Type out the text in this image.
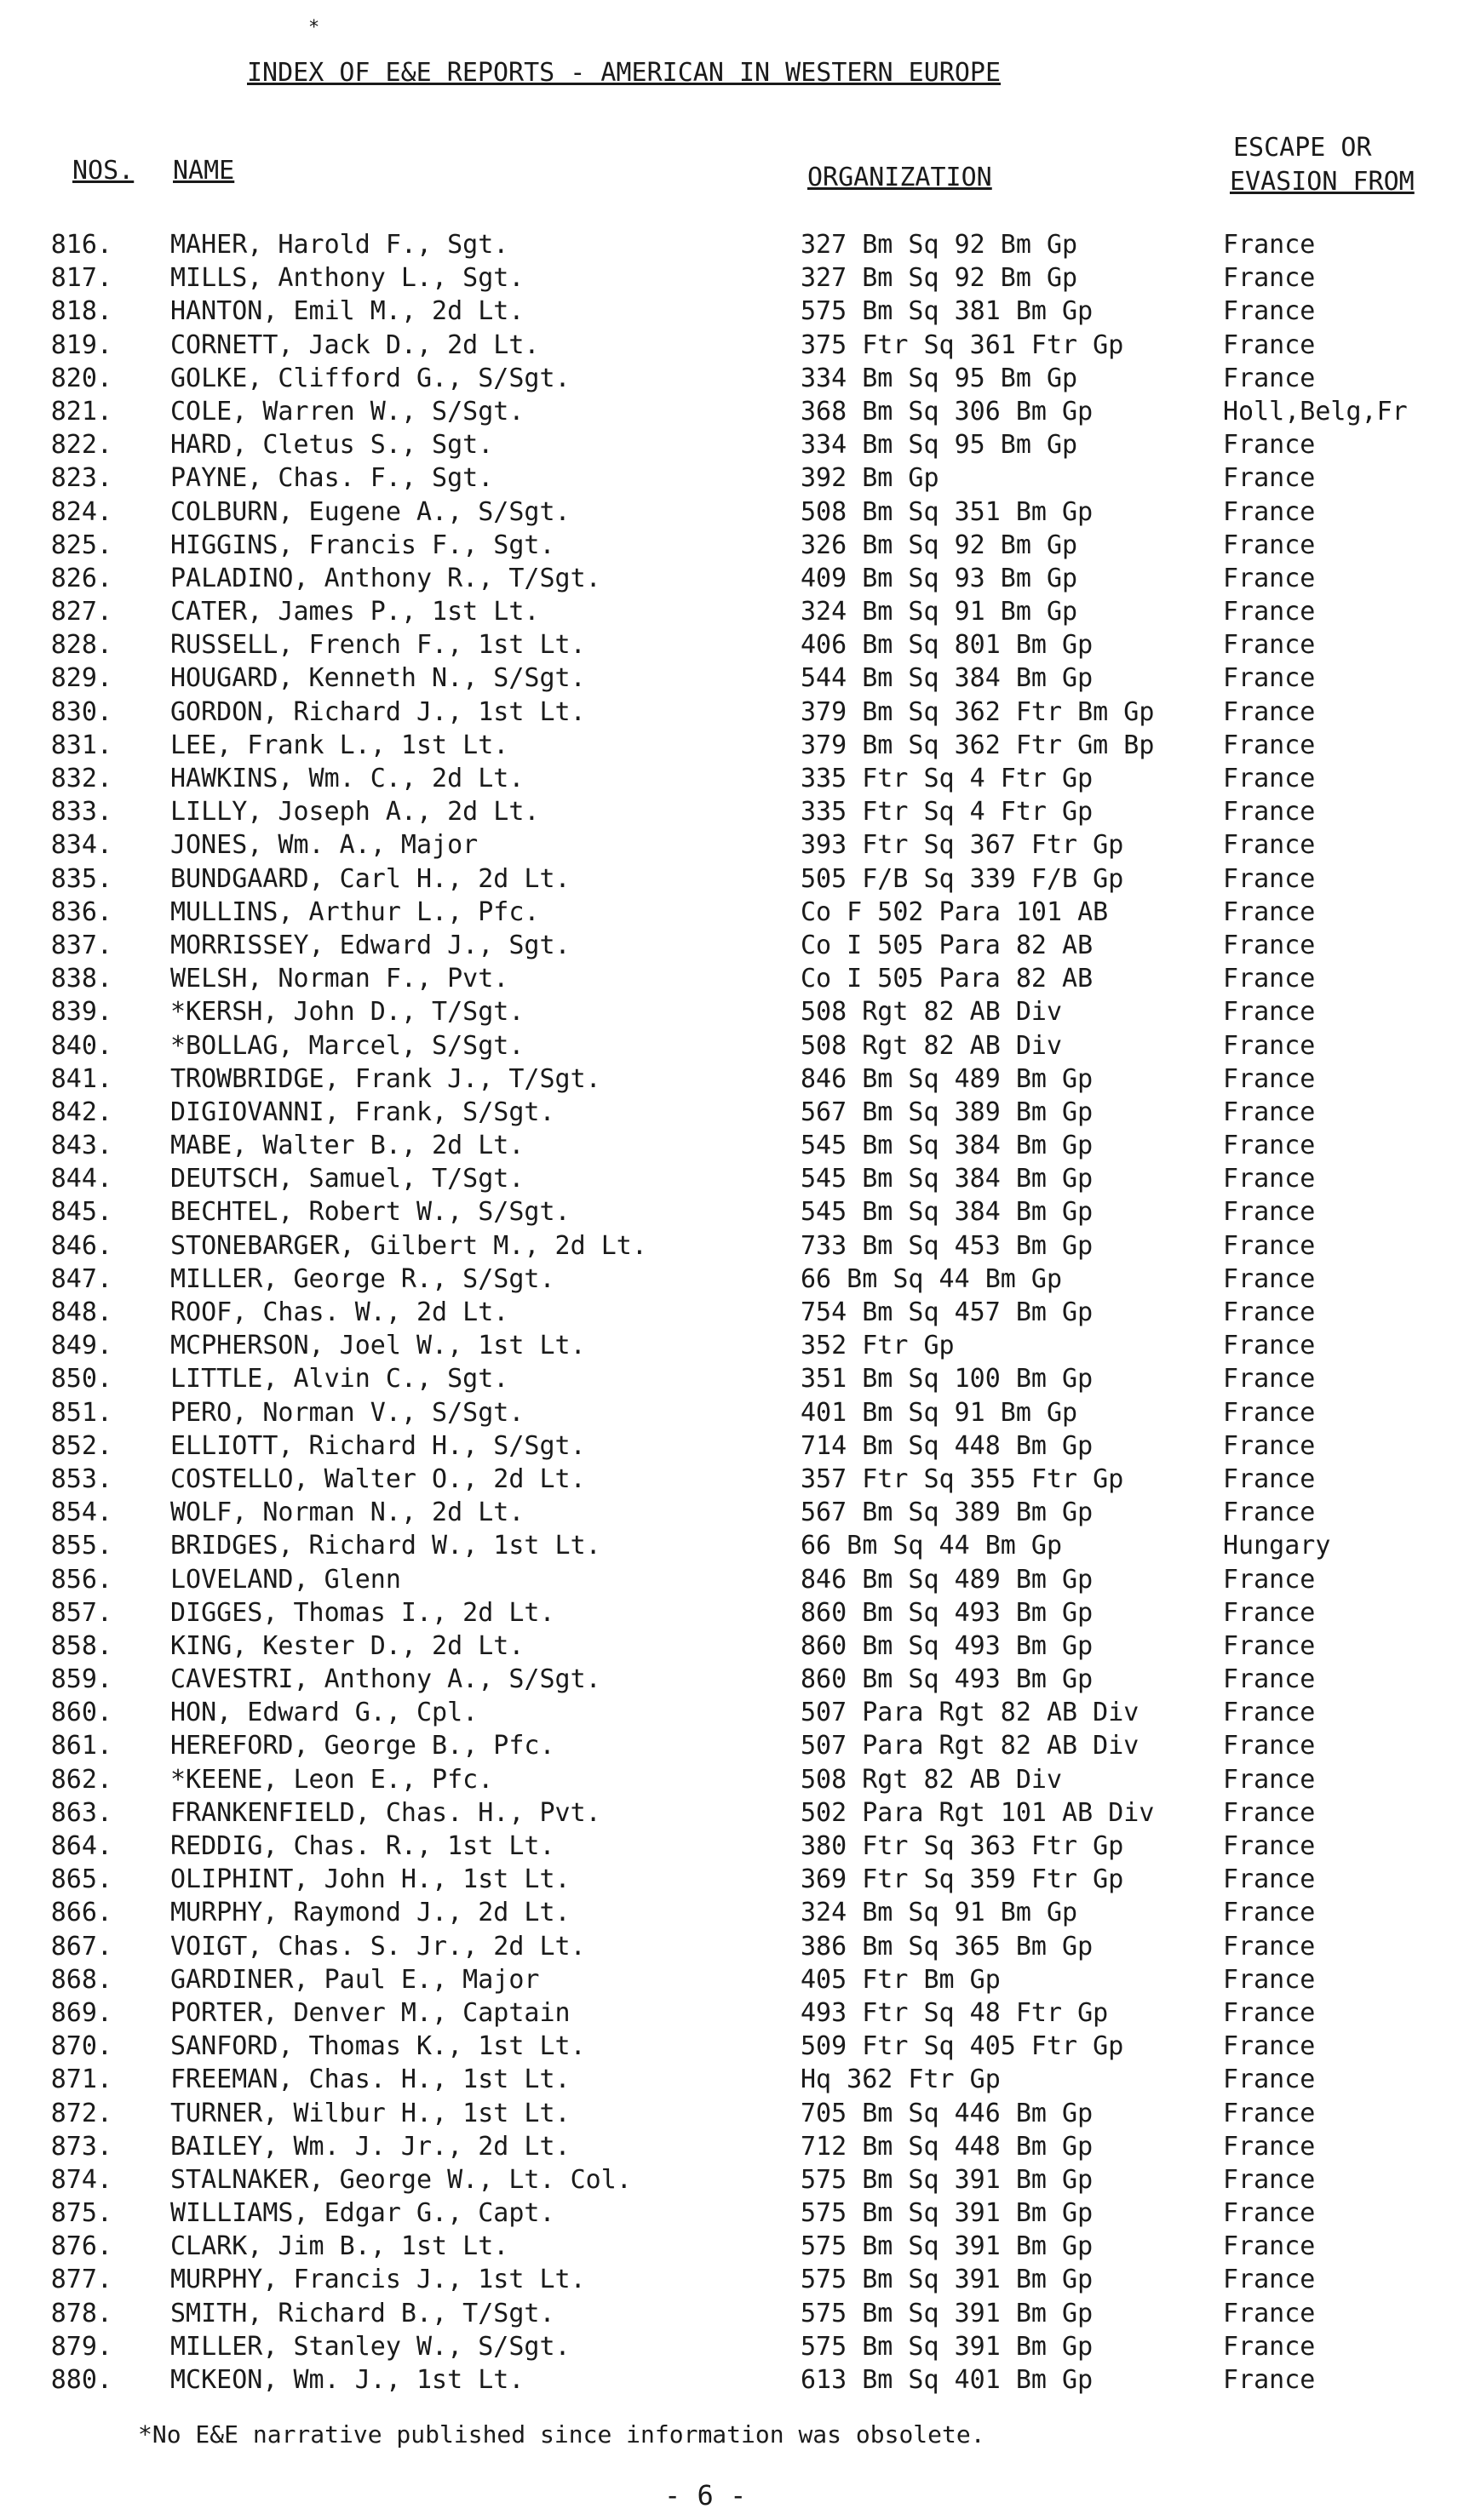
*
INDEX OF E&E REPORTS - AMERICAN IN WESTERN EUROPE
NOS. NAME	ORGANIZATION
ESCAPE OR
EVASION FROM
816. MAHER, Harold F., Sgt.	327 Bm Sq 92 Bm Gp	France
817. MILLS, Anthony L., Sgt.	327 Bm Sq 92 Bm Gp	France
818. HANTON, Emil M., 2d Lt.	575 Bm Sq 381 Bm Gp	France
819. CORNETT, Jack D., 2d Lt.	375 Ftr Sq 361 Ftr Gp	France
820. GOLKE, Clifford G., S/Sgt.	334 Bm Sq 95 Bm Gp	France
821. COLE, Warren W., S/Sgt.	368 Bm Sq 306 Bm Gp	Holl,Belg,Fr
822. HARD, Cletus S., Sgt.	334 Bm Sq 95 Bm Gp	France
823. PAYNE, Chas. F., Sgt.	392 Bm Gp	France
824. COLBURN, Eugene A., S/Sgt.	508 Bm Sq 351 Bm Gp	France
825. HIGGINS, Francis F., Sgt.	326 Bm Sq 92 Bm Gp	France
826. PALADINO, Anthony R., T/Sgt.	409 Bm Sq 93 Bm Gp	France
827. CATER, James P., 1st Lt.	324 Bm Sq 91 Bm Gp	France
828. RUSSELL, French F., 1st Lt.	406 Bm Sq 801 Bm Gp	France
829. HOUGARD, Kenneth N., S/Sgt.	544 Bm Sq 384 Bm Gp	France
830. GORDON, Richard J., 1st Lt.	379 Bm Sq 362 Ftr Bm Gp	France
831. LEE, Frank L., 1st Lt.	379 Bm Sq 362 Ftr Gm Bp	France
832. HAWKINS, Wm. C., 2d Lt.	335 Ftr Sq 4 Ftr Gp	France
833. LILLY, Joseph A., 2d Lt.	335 Ftr Sq 4 Ftr Gp	France
834. JONES, Wm. A., Major	393 Ftr Sq 367 Ftr Gp	France
835. BUNDGAARD, Carl H., 2d Lt.	505 F/B Sq 339 F/B Gp	France
836. MULLINS, Arthur L., Pfc.	Co F 502 Para 101 AB	France
837. MORRISSEY, Edward J., Sgt.	Co I 505 Para 82 AB	France
838. WELSH, Norman F., Pvt.	Co I 505 Para 82 AB	France
839. *KERSH, John D., T/Sgt.	508 Rgt 82 AB Div	France
840. *BOLLAG, Marcel, S/Sgt.	508 Rgt 82 AB Div	France
841. TROWBRIDGE, Frank J., T/Sgt.	846 Bm Sq 489 Bm Gp	France
842. DIGIOVANNI, Frank, S/Sgt.	567 Bm Sq 389 Bm Gp	France
843. MABE, Walter B., 2d Lt.	545 Bm Sq 384 Bm Gp	France
844. DEUTSCH, Samuel, T/Sgt.	545 Bm Sq 384 Bm Gp	France
845. BECHTEL, Robert W., S/Sgt.	545 Bm Sq 384 Bm Gp	France
846. STONEBARGER, Gilbert M., 2d Lt.	733 Bm Sq 453 Bm Gp	France
847. MILLER, George R., S/Sgt.	66 Bm Sq 44 Bm Gp	France
848. ROOF, Chas. W., 2d Lt.	754 Bm Sq 457 Bm Gp	France
849. MCPHERSON, Joel W., 1st Lt.	352 Ftr Gp	France
850. LITTLE, Alvin C., Sgt.	351 Bm Sq 100 Bm Gp	France
851. PERO, Norman V., S/Sgt.	401 Bm Sq 91 Bm Gp	France
852. ELLIOTT, Richard H., S/Sgt.	714 Bm Sq 448 Bm Gp	France
853. COSTELLO, Walter O., 2d Lt.	357 Ftr Sq 355 Ftr Gp	France
854. WOLF, Norman N., 2d Lt.	567 Bm Sq 389 Bm Gp	France
855. BRIDGES, Richard W., 1st Lt.	66 Bm Sq 44 Bm Gp	Hungary
856. LOVELAND, Glenn	846 Bm Sq 489 Bm Gp	France
857. DIGGES, Thomas I., 2d Lt.	860 Bm Sq 493 Bm Gp	France
858. KING, Kester D., 2d Lt.	860 Bm Sq 493 Bm Gp	France
859. CAVESTRI, Anthony A., S/Sgt.	860 Bm Sq 493 Bm Gp	France
860. HON, Edward G., Cpl.	507 Para Rgt 82 AB Div	France
861. HEREFORD, George B., Pfc.	507 Para Rgt 82 AB Div	France
862. *KEENE, Leon E., Pfc.	508 Rgt 82 AB Div	France
863. FRANKENFIELD, Chas. H., Pvt.	502 Para Rgt 101 AB Div	France
864. REDDIG, Chas. R., 1st Lt.	380 Ftr Sq 363 Ftr Gp	France
865. OLIPHINT, John H., 1st Lt.	369 Ftr Sq 359 Ftr Gp	France
866. MURPHY, Raymond J., 2d Lt.	324 Bm Sq 91 Bm Gp	France
867. VOIGT, Chas. S. Jr., 2d Lt.	386 Bm Sq 365 Bm Gp	France
868. GARDINER, Paul E., Major	405 Ftr Bm Gp	France
869. PORTER, Denver M., Captain	493 Ftr Sq 48 Ftr Gp	France
870. SANFORD, Thomas K., 1st Lt.	509 Ftr Sq 405 Ftr Gp	France
871. FREEMAN, Chas. H., 1st Lt.	Hq 362 Ftr Gp	France
872. TURNER, Wilbur H., 1st Lt.	705 Bm Sq 446 Bm Gp	France
873. BAILEY, Wm. J. Jr., 2d Lt.	712 Bm Sq 448 Bm Gp	France
874. STALNAKER, George W., Lt. Col.	575 Bm Sq 391 Bm Gp	France
875. WILLIAMS, Edgar G., Capt.	575 Bm Sq 391 Bm Gp	France
876. CLARK, Jim B., 1st Lt.	575 Bm Sq 391 Bm Gp	France
877. MURPHY, Francis J., 1st Lt.	575 Bm Sq 391 Bm Gp	France
878. SMITH, Richard B., T/Sgt.	575 Bm Sq 391 Bm Gp	France
879. MILLER, Stanley W., S/Sgt.	575 Bm Sq 391 Bm Gp	France
880. MCKEON, Wm. J., 1st Lt.	613 Bm Sq 401 Bm Gp	France
*No E&E narrative published since information was obsolete.
- 6 -
